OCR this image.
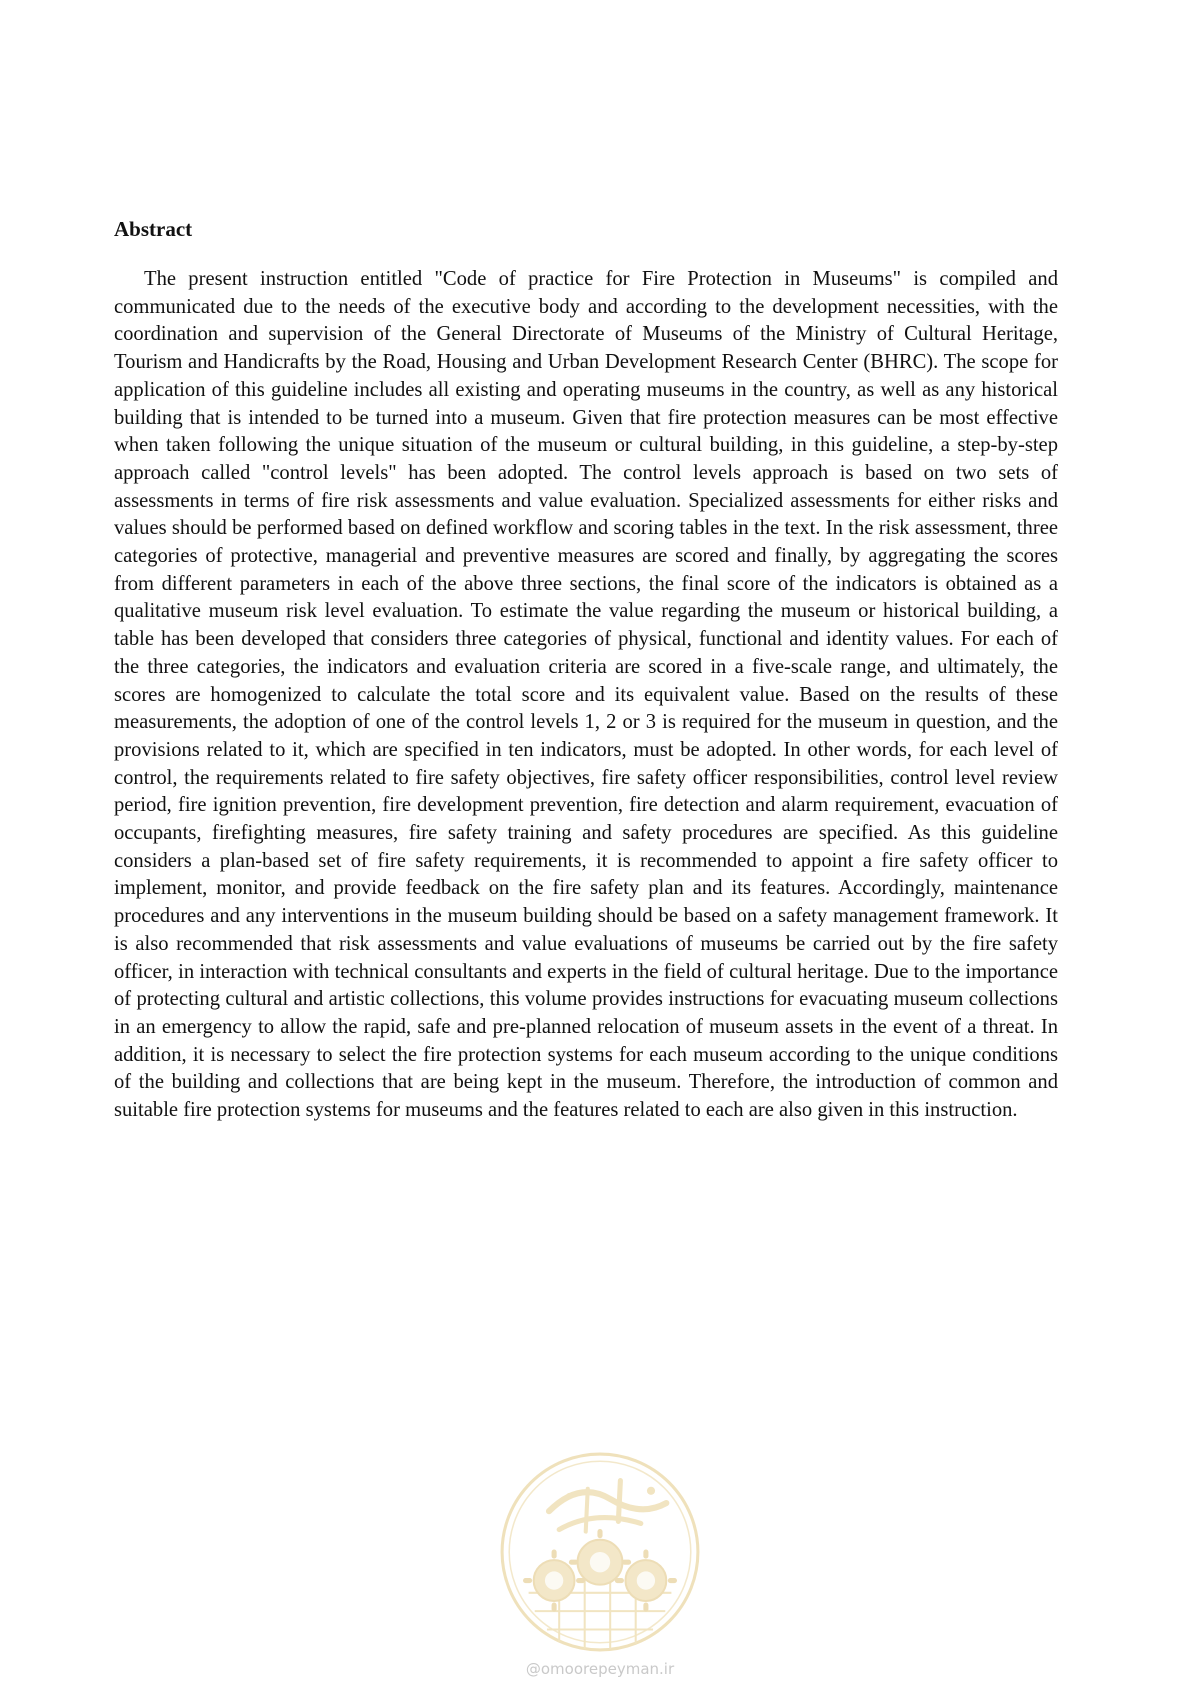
Abstract

The present instruction entitled "Code of practice for Fire Protection in Museums" is compiled and communicated due to the needs of the executive body and according to the development necessities, with the coordination and supervision of the General Directorate of Museums of the Ministry of Cultural Heritage, Tourism and Handicrafts by the Road, Housing and Urban Development Research Center (BHRC). The scope for application of this guideline includes all existing and operating museums in the country, as well as any historical building that is intended to be turned into a museum. Given that fire protection measures can be most effective when taken following the unique situation of the museum or cultural building, in this guideline, a step-by-step approach called "control levels" has been adopted. The control levels approach is based on two sets of assessments in terms of fire risk assessments and value evaluation. Specialized assessments for either risks and values should be performed based on defined workflow and scoring tables in the text. In the risk assessment, three categories of protective, managerial and preventive measures are scored and finally, by aggregating the scores from different parameters in each of the above three sections, the final score of the indicators is obtained as a qualitative museum risk level evaluation. To estimate the value regarding the museum or historical building, a table has been developed that considers three categories of physical, functional and identity values. For each of the three categories, the indicators and evaluation criteria are scored in a five-scale range, and ultimately, the scores are homogenized to calculate the total score and its equivalent value. Based on the results of these measurements, the adoption of one of the control levels 1, 2 or 3 is required for the museum in question, and the provisions related to it, which are specified in ten indicators, must be adopted. In other words, for each level of control, the requirements related to fire safety objectives, fire safety officer responsibilities, control level review period, fire ignition prevention, fire development prevention, fire detection and alarm requirement, evacuation of occupants, firefighting measures, fire safety training and safety procedures are specified. As this guideline considers a plan-based set of fire safety requirements, it is recommended to appoint a fire safety officer to implement, monitor, and provide feedback on the fire safety plan and its features. Accordingly, maintenance procedures and any interventions in the museum building should be based on a safety management framework. It is also recommended that risk assessments and value evaluations of museums be carried out by the fire safety officer, in interaction with technical consultants and experts in the field of cultural heritage. Due to the importance of protecting cultural and artistic collections, this volume provides instructions for evacuating museum collections in an emergency to allow the rapid, safe and pre-planned relocation of museum assets in the event of a threat. In addition, it is necessary to select the fire protection systems for each museum according to the unique conditions of the building and collections that are being kept in the museum. Therefore, the introduction of common and suitable fire protection systems for museums and the features related to each are also given in this instruction.

@omoorepeyman.ir
